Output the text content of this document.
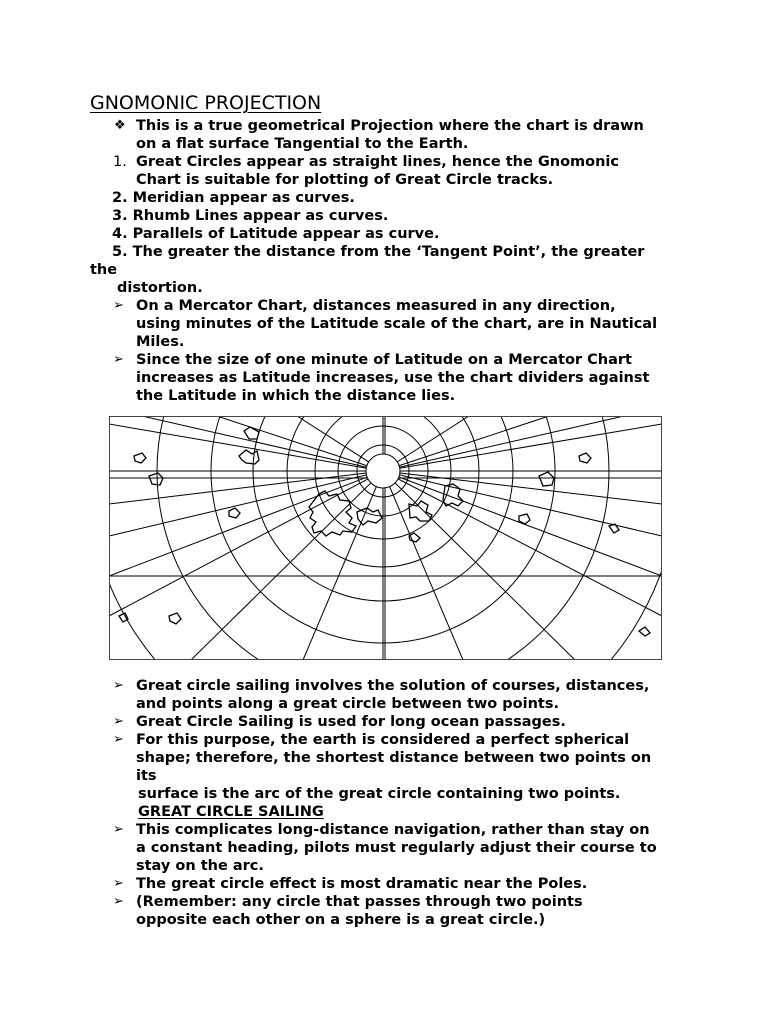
GNOMONIC PROJECTION
❖ This is a true geometrical Projection where the chart is drawn
on a flat surface Tangential to the Earth.
1. Great Circles appear as straight lines, hence the Gnomonic
Chart is suitable for plotting of Great Circle tracks.
2. Meridian appear as curves.
3. Rhumb Lines appear as curves.
4. Parallels of Latitude appear as curve.
5. The greater the distance from the ‘Tangent Point’, the greater
the
distortion.
➢ On a Mercator Chart, distances measured in any direction,
using minutes of the Latitude scale of the chart, are in Nautical
Miles.
➢ Since the size of one minute of Latitude on a Mercator Chart
increases as Latitude increases, use the chart dividers against
the Latitude in which the distance lies.
➢ Great circle sailing involves the solution of courses, distances,
and points along a great circle between two points.
➢ Great Circle Sailing is used for long ocean passages.
➢ For this purpose, the earth is considered a perfect spherical
shape; therefore, the shortest distance between two points on
its
surface is the arc of the great circle containing two points.
GREAT CIRCLE SAILING
➢ This complicates long-distance navigation, rather than stay on
a constant heading, pilots must regularly adjust their course to
stay on the arc.
➢ The great circle effect is most dramatic near the Poles.
➢ (Remember: any circle that passes through two points
opposite each other on a sphere is a great circle.)
